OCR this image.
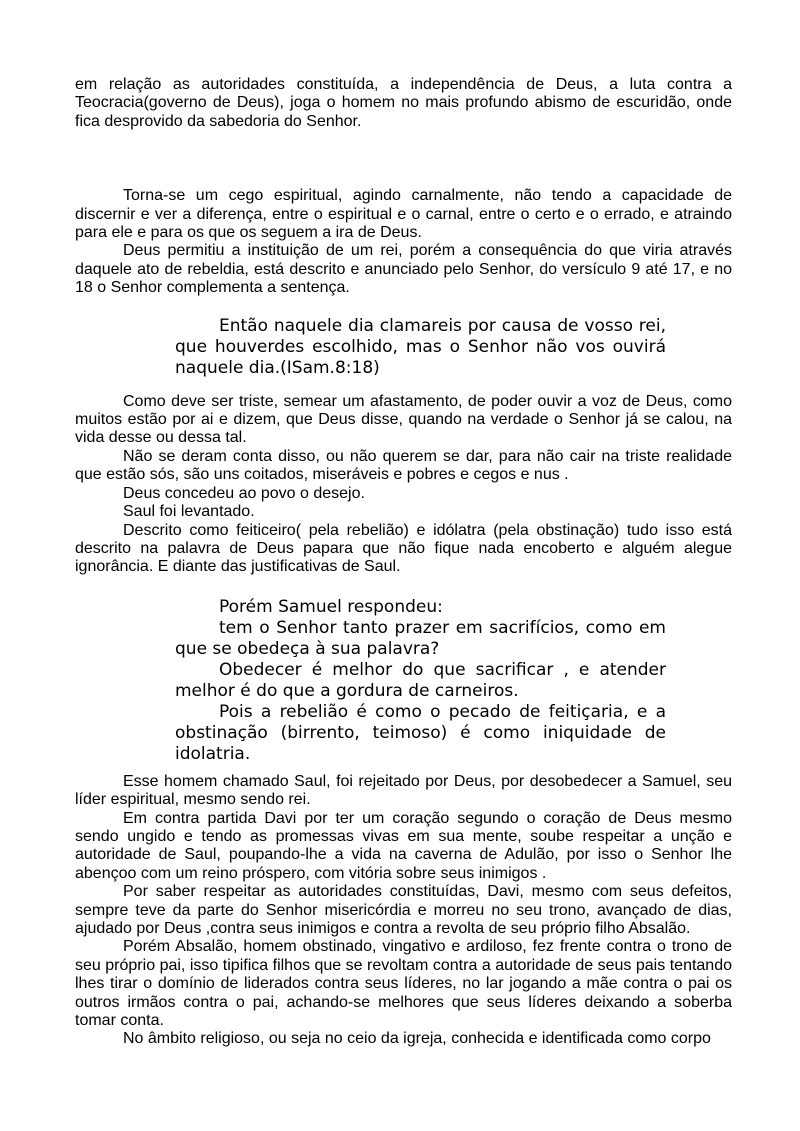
em relação as autoridades constituída, a independência de Deus, a luta contra a Teocracia(governo de Deus), joga o homem no mais profundo abismo de escuridão, onde fica desprovido da sabedoria do Senhor.

Torna-se um cego espiritual, agindo carnalmente, não tendo a capacidade de discernir e ver a diferença, entre o espiritual e o carnal, entre o certo e o errado, e atraindo para ele e para os que os seguem a ira de Deus.

Deus permitiu a instituição de um rei, porém a consequência do que viria através daquele ato de rebeldia, está descrito e anunciado pelo Senhor, do versículo 9 até 17, e no 18 o Senhor complementa a sentença.

Então naquele dia clamareis por causa de vosso rei, que houverdes escolhido, mas o Senhor não vos ouvirá naquele dia.(ISam.8:18)

Como deve ser triste, semear um afastamento, de poder ouvir a voz de Deus, como muitos estão por ai e dizem, que Deus disse, quando na verdade o Senhor já se calou, na vida desse ou dessa tal.

Não se deram conta disso, ou não querem se dar, para não cair na triste realidade que estão sós, são uns coitados, miseráveis e pobres e cegos e nus .

Deus concedeu ao povo o desejo.

Saul foi levantado.

Descrito como feiticeiro( pela rebelião) e idólatra (pela obstinação) tudo isso está descrito na palavra de Deus papara que não fique nada encoberto e alguém alegue ignorância. E diante das justificativas de Saul.

Porém Samuel respondeu:

tem o Senhor tanto prazer em sacrifícios, como em que se obedeça à sua palavra?

Obedecer é melhor do que sacrificar , e atender melhor é do que a gordura de carneiros.

Pois a rebelião é como o pecado de feitiçaria, e a obstinação (birrento, teimoso) é como iniquidade de idolatria.

Esse homem chamado Saul, foi rejeitado por Deus, por desobedecer a Samuel, seu líder espiritual, mesmo sendo rei.

Em contra partida Davi por ter um coração segundo o coração de Deus mesmo sendo ungido e tendo as promessas vivas em sua mente, soube respeitar a unção e autoridade de Saul, poupando-lhe a vida na caverna de Adulão, por isso o Senhor lhe abençoo com um reino próspero, com vitória sobre seus inimigos .

Por saber respeitar as autoridades constituídas, Davi, mesmo com seus defeitos, sempre teve da parte do Senhor misericórdia e morreu no seu trono, avançado de dias, ajudado por Deus ,contra seus inimigos e contra a revolta de seu próprio filho Absalão.

Porém Absalão, homem obstinado, vingativo e ardiloso, fez frente contra o trono de seu próprio pai, isso tipifica filhos que se revoltam contra a autoridade de seus pais tentando lhes tirar o domínio de liderados contra seus líderes, no lar jogando a mãe contra o pai os outros irmãos contra o pai, achando-se melhores que seus líderes deixando a soberba tomar conta.

No âmbito religioso, ou seja no ceio da igreja, conhecida e identificada como corpo
